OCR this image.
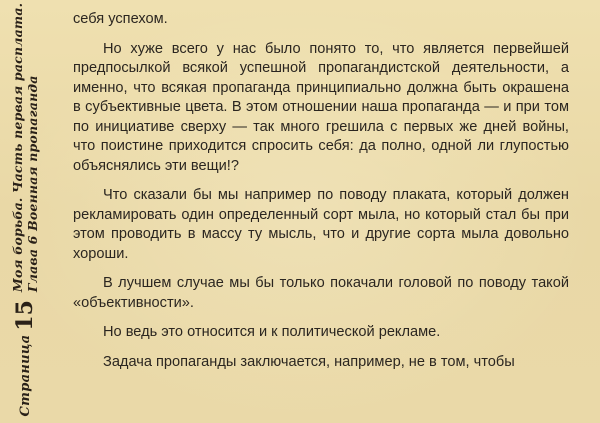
Страница
15
Моя борьба. Часть первая расплата. Глава 6 Военная пропаганда

себя успехом.

Но хуже всего у нас было понято то, что является первейшей предпосылкой всякой успешной пропагандистской деятельности, а именно, что всякая пропаганда принципиально должна быть окрашена в субъективные цвета. В этом отношении наша пропаганда — и при том по инициативе сверху — так много грешила с первых же дней войны, что поистине приходится спросить себя: да полно, одной ли глупостью объяснялись эти вещи!?

Что сказали бы мы например по поводу плаката, который должен рекламировать один определенный сорт мыла, но который стал бы при этом проводить в массу ту мысль, что и другие сорта мыла довольно хороши.

В лучшем случае мы бы только покачали головой по поводу такой «объективности».

Но ведь это относится и к политической рекламе.

Задача пропаганды заключается, например, не в том, чтобы
